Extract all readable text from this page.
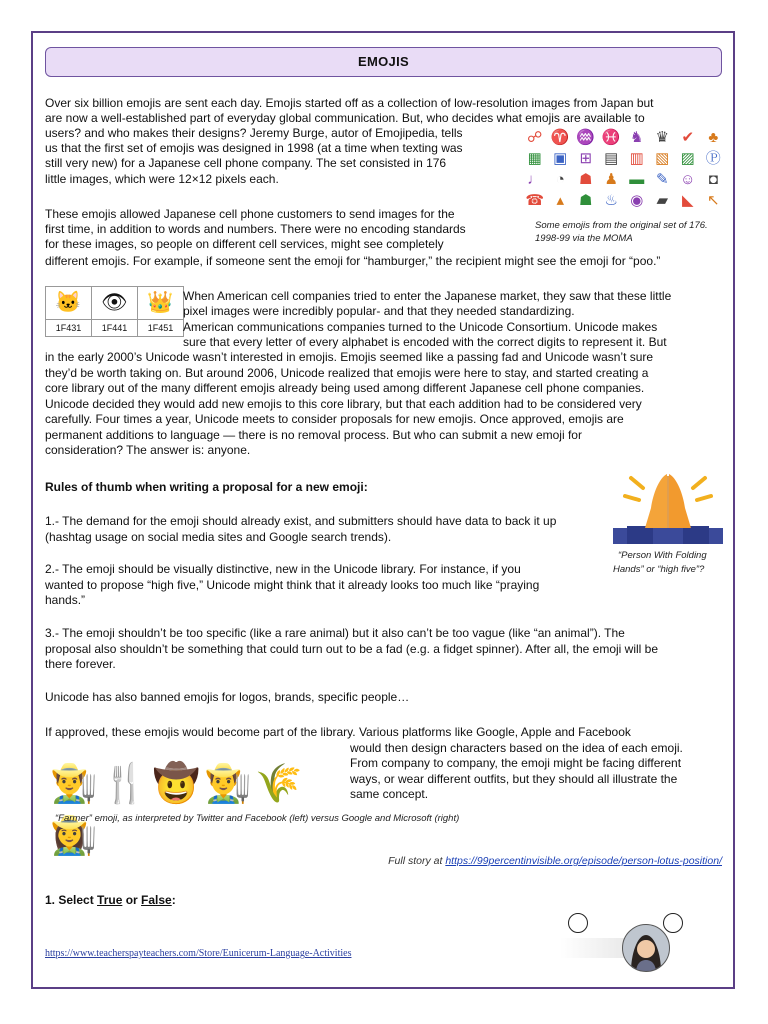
EMOJIS
Over six billion emojis are sent each day. Emojis started off as a collection of low-resolution images from Japan but
are now a well-established part of everyday global communication. But, who decides what emojis are available to
users? and who makes their designs? Jeremy Burge, autor of Emojipedia, tells
us that the first set of emojis was designed in 1998 (at a time when texting was
still very new) for a Japanese cell phone company. The set consisted in 176
little images, which were 12×12 pixels each.
☍ ♈ ♒ ♓ ♞ ♛ ✔ ♣
▦ ▣ ⊞ ▤ ▥ ▧ ▨ Ⓟ
♩ ◔ ☗ ♟ ▬ ✎ ☺ ◘
☎ ▴	☗ ♨ ◉ ▰ ◣ ↖
Some emojis from the original set of 176. 1998-99 via the MOMA
These emojis allowed Japanese cell phone customers to send images for the
first time, in addition to words and numbers. There were no encoding standards
for these images, so people on different cell services, might see completely
different emojis. For example, if someone sent the emoji for “hamburger,” the recipient might see the emoji for “poo.”
🐱	👁	👑
1F431	1F441	1F451
When American cell companies tried to enter the Japanese market, they saw that these little
pixel images were incredibly popular- and that they needed standardizing.
American communications companies turned to the Unicode Consortium. Unicode makes
sure that every letter of every alphabet is encoded with the correct digits to represent it. But
in the early 2000’s Unicode wasn’t interested in emojis. Emojis seemed like a passing fad and Unicode wasn’t sure
they’d be worth taking on. But around 2006, Unicode realized that emojis were here to stay, and started creating a
core library out of the many different emojis already being used among different Japanese cell phone companies.
Unicode decided they would add new emojis to this core library, but that each addition had to be considered very
carefully. Four times a year, Unicode meets to consider proposals for new emojis. Once approved, emojis are
permanent additions to language — there is no removal process. But who can submit a new emoji for
consideration? The answer is: anyone.
Rules of thumb when writing a proposal for a new emoji:
“Person With Folding
Hands” or “high five”?
1.- The demand for the emoji should already exist, and submitters should have data to back it up
(hashtag usage on social media sites and Google search trends).
2.- The emoji should be visually distinctive, new in the Unicode library. For instance, if you
wanted to propose “high five,” Unicode might think that it already looks too much like “praying
hands.”
3.- The emoji shouldn’t be too specific (like a rare animal) but it also can’t be too vague (like “an animal”). The
proposal also shouldn’t be something that could turn out to be a fad (e.g. a fidget spinner). After all, the emoji will be
there forever.
Unicode has also banned emojis for logos, brands, specific people…
If approved, these emojis would become part of the library. Various platforms like Google, Apple and Facebook
would then design characters based on the idea of each emoji.
From company to company, the emoji might be facing different
ways, or wear different outfits, but they should all illustrate the
same concept.
👨‍🌾🍴🤠👨‍🌾🌾👩‍🌾
“Farmer” emoji, as interpreted by Twitter and Facebook (left) versus Google and Microsoft (right)
Full story at https://99percentinvisible.org/episode/person-lotus-position/
1. Select True or False:
https://www.teacherspayteachers.com/Store/Eunicerum-Language-Activities
